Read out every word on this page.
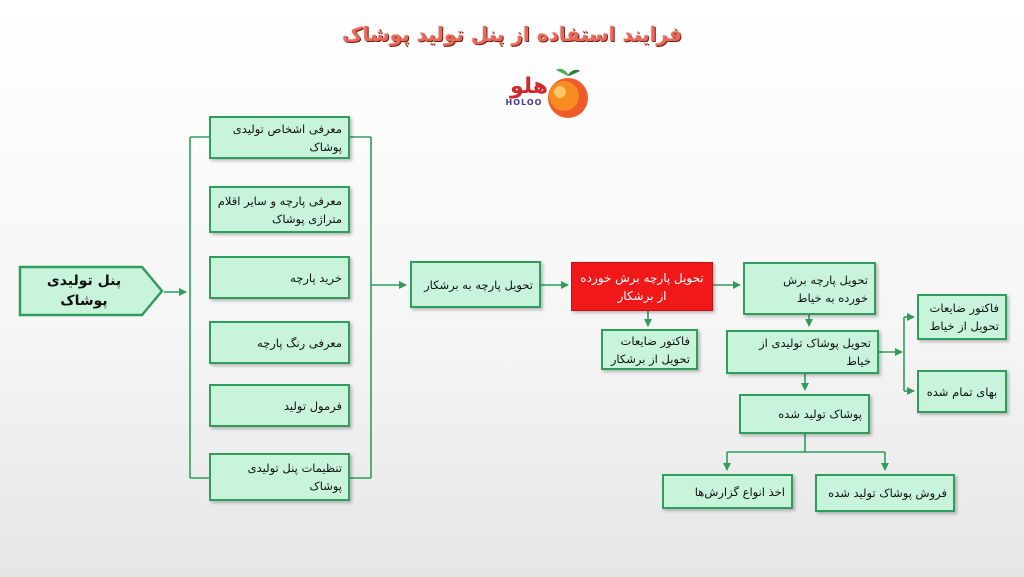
فرایند استفاده از پنل تولید پوشاک
هلو
HOLOO
پنل تولیدی پوشاک
معرفی اشخاص تولیدی پوشاک
معرفی پارچه و سایر اقلام متراژی پوشاک
خرید پارچه
معرفی رنگ پارچه
فرمول تولید
تنظیمات پنل تولیدی پوشاک
تحویل پارچه به برشکار	تحویل پارچه برش خورده از برشکار
فاکتور ضایعات تحویل از برشکار
تحویل پارچه برش خورده به خیاط
تحویل پوشاک تولیدی از خیاط
فاکتور ضایعات تحویل از خیاط
بهای تمام شده
پوشاک تولید شده
اخذ انواع گزارش‌ها	فروش پوشاک تولید شده
